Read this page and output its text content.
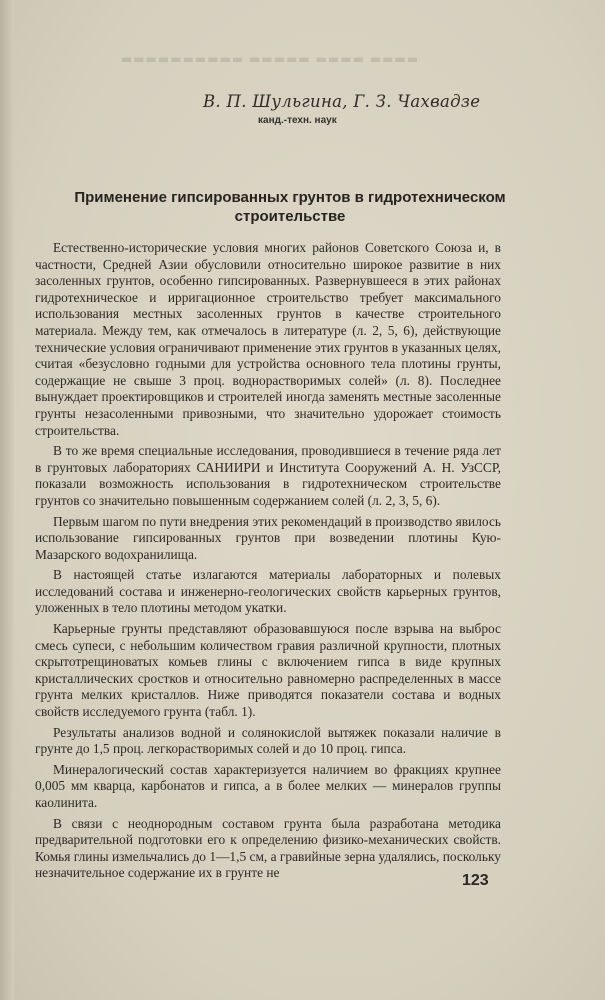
▬▬▬▬ ▬▬▬▬ ▬▬▬▬▬ ▬▬▬▬▬▬▬▬▬▬
В. П. Шульгина, Г. З. Чахвадзе
канд.-техн. наук
Применение гипсированных грунтов в гидротехническом строительстве

Естественно-исторические условия многих районов Советского Союза и, в частности, Средней Азии обусловили относительно широкое развитие в них засоленных грунтов, особенно гипсированных. Развернувшееся в этих районах гидротехническое и ирригационное строительство требует максимального использования местных засоленных грунтов в качестве строительного материала. Между тем, как отмечалось в литературе (л. 2, 5, 6), действующие технические условия ограничивают применение этих грунтов в указанных целях, считая «безусловно годными для устройства основного тела плотины грунты, содержащие не свыше 3 проц. воднорастворимых солей» (л. 8). Последнее вынуждает проектировщиков и строителей иногда заменять местные засоленные грунты незасоленными привозными, что значительно удорожает стоимость строительства.

В то же время специальные исследования, проводившиеся в течение ряда лет в грунтовых лабораториях САНИИРИ и Института Сооружений А. Н. УзССР, показали возможность использования в гидротехническом строительстве грунтов со значительно повышенным содержанием солей (л. 2, 3, 5, 6).

Первым шагом по пути внедрения этих рекомендаций в производство явилось использование гипсированных грунтов при возведении плотины Кую-Мазарского водохранилища.

В настоящей статье излагаются материалы лабораторных и полевых исследований состава и инженерно-геологических свойств карьерных грунтов, уложенных в тело плотины методом укатки.

Карьерные грунты представляют образовавшуюся после взрыва на выброс смесь супеси, с небольшим количеством гравия различной крупности, плотных скрытотрещиноватых комьев глины с включением гипса в виде крупных кристаллических сростков и относительно равномерно распределенных в массе грунта мелких кристаллов. Ниже приводятся показатели состава и водных свойств исследуемого грунта (табл. 1).

Результаты анализов водной и солянокислой вытяжек показали наличие в грунте до 1,5 проц. легкорастворимых солей и до 10 проц. гипса.

Минералогический состав характеризуется наличием во фракциях крупнее 0,005 мм кварца, карбонатов и гипса, а в более мелких — минералов группы каолинита.

В связи с неоднородным составом грунта была разработана методика предварительной подготовки его к определению физико-механических свойств. Комья глины измельчались до 1—1,5 см, а гравийные зерна удалялись, поскольку незначительное содержание их в грунте не	123
